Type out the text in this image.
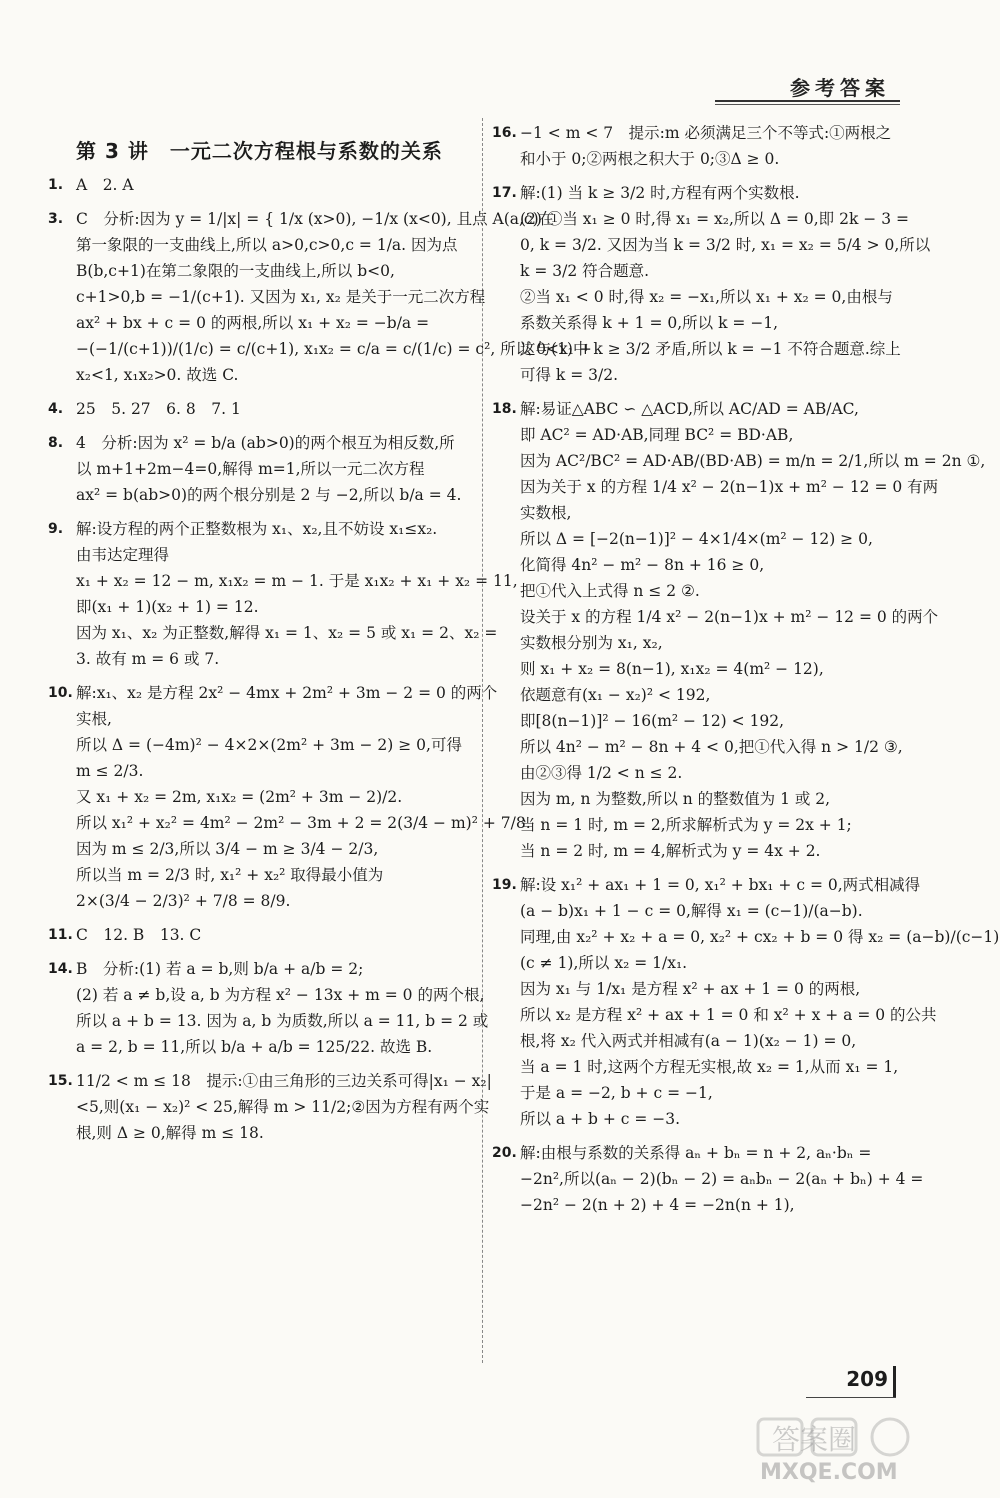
参考答案
第 3 讲　一元二次方程根与系数的关系
1. A　2. A
3. C　分析:因为 y = 1/|x| = { 1/x (x>0), −1/x (x<0), 且点 A(a,c)在
第一象限的一支曲线上,所以 a>0,c>0,c = 1/a. 因为点
B(b,c+1)在第二象限的一支曲线上,所以 b<0,
c+1>0,b = −1/(c+1). 又因为 x₁, x₂ 是关于一元二次方程
ax² + bx + c = 0 的两根,所以 x₁ + x₂ = −b/a =
−(−1/(c+1))/(1/c) = c/(c+1), x₁x₂ = c/a = c/(1/c) = c², 所以 0<x₁ +
x₂<1, x₁x₂>0. 故选 C.
4. 25　5. 27　6. 8　7. 1
8. 4　分析:因为 x² = b/a (ab>0)的两个根互为相反数,所
以 m+1+2m−4=0,解得 m=1,所以一元二次方程
ax² = b(ab>0)的两个根分别是 2 与 −2,所以 b/a = 4.
9. 解:设方程的两个正整数根为 x₁、x₂,且不妨设 x₁≤x₂.
由韦达定理得
x₁ + x₂ = 12 − m, x₁x₂ = m − 1. 于是 x₁x₂ + x₁ + x₂ = 11,
即(x₁ + 1)(x₂ + 1) = 12.
因为 x₁、x₂ 为正整数,解得 x₁ = 1、x₂ = 5 或 x₁ = 2、x₂ =
3. 故有 m = 6 或 7.
10. 解:x₁、x₂ 是方程 2x² − 4mx + 2m² + 3m − 2 = 0 的两个
实根,
所以 Δ = (−4m)² − 4×2×(2m² + 3m − 2) ≥ 0,可得
m ≤ 2/3.
又 x₁ + x₂ = 2m, x₁x₂ = (2m² + 3m − 2)/2.
所以 x₁² + x₂² = 4m² − 2m² − 3m + 2 = 2(3/4 − m)² + 7/8.
因为 m ≤ 2/3,所以 3/4 − m ≥ 3/4 − 2/3,
所以当 m = 2/3 时, x₁² + x₂² 取得最小值为
2×(3/4 − 2/3)² + 7/8 = 8/9.
11. C　12. B　13. C
14. B　分析:(1) 若 a = b,则 b/a + a/b = 2;
(2) 若 a ≠ b,设 a, b 为方程 x² − 13x + m = 0 的两个根,
所以 a + b = 13. 因为 a, b 为质数,所以 a = 11, b = 2 或
a = 2, b = 11,所以 b/a + a/b = 125/22. 故选 B.
15. 11/2 < m ≤ 18　提示:①由三角形的三边关系可得|x₁ − x₂|
<5,则(x₁ − x₂)² < 25,解得 m > 11/2;②因为方程有两个实
根,则 Δ ≥ 0,解得 m ≤ 18.
16. −1 < m < 7　提示:m 必须满足三个不等式:①两根之
和小于 0;②两根之积大于 0;③Δ ≥ 0.
17. 解:(1) 当 k ≥ 3/2 时,方程有两个实数根.
(2) ①当 x₁ ≥ 0 时,得 x₁ = x₂,所以 Δ = 0,即 2k − 3 =
0, k = 3/2. 又因为当 k = 3/2 时, x₁ = x₂ = 5/4 > 0,所以
k = 3/2 符合题意.
②当 x₁ < 0 时,得 x₂ = −x₁,所以 x₁ + x₂ = 0,由根与
系数关系得 k + 1 = 0,所以 k = −1,
这与(1)中 k ≥ 3/2 矛盾,所以 k = −1 不符合题意.综上
可得 k = 3/2.
18. 解:易证△ABC ∽ △ACD,所以 AC/AD = AB/AC,
即 AC² = AD·AB,同理 BC² = BD·AB,
因为 AC²/BC² = AD·AB/(BD·AB) = m/n = 2/1,所以 m = 2n ①,
因为关于 x 的方程 1/4 x² − 2(n−1)x + m² − 12 = 0 有两
实数根,
所以 Δ = [−2(n−1)]² − 4×1/4×(m² − 12) ≥ 0,
化简得 4n² − m² − 8n + 16 ≥ 0,
把①代入上式得 n ≤ 2 ②.
设关于 x 的方程 1/4 x² − 2(n−1)x + m² − 12 = 0 的两个
实数根分别为 x₁, x₂,
则 x₁ + x₂ = 8(n−1), x₁x₂ = 4(m² − 12),
依题意有(x₁ − x₂)² < 192,
即[8(n−1)]² − 16(m² − 12) < 192,
所以 4n² − m² − 8n + 4 < 0,把①代入得 n > 1/2 ③,
由②③得 1/2 < n ≤ 2.
因为 m, n 为整数,所以 n 的整数值为 1 或 2,
当 n = 1 时, m = 2,所求解析式为 y = 2x + 1;
当 n = 2 时, m = 4,解析式为 y = 4x + 2.
19. 解:设 x₁² + ax₁ + 1 = 0, x₁² + bx₁ + c = 0,两式相减得
(a − b)x₁ + 1 − c = 0,解得 x₁ = (c−1)/(a−b).
同理,由 x₂² + x₂ + a = 0, x₂² + cx₂ + b = 0 得 x₂ = (a−b)/(c−1)
(c ≠ 1),所以 x₂ = 1/x₁.
因为 x₁ 与 1/x₁ 是方程 x² + ax + 1 = 0 的两根,
所以 x₂ 是方程 x² + ax + 1 = 0 和 x² + x + a = 0 的公共
根,将 x₂ 代入两式并相减有(a − 1)(x₂ − 1) = 0,
当 a = 1 时,这两个方程无实根,故 x₂ = 1,从而 x₁ = 1,
于是 a = −2, b + c = −1,
所以 a + b + c = −3.
20. 解:由根与系数的关系得 aₙ + bₙ = n + 2, aₙ·bₙ =
−2n²,所以(aₙ − 2)(bₙ − 2) = aₙbₙ − 2(aₙ + bₙ) + 4 =
−2n² − 2(n + 2) + 4 = −2n(n + 1),
209
答案圈
MXQE.COM
